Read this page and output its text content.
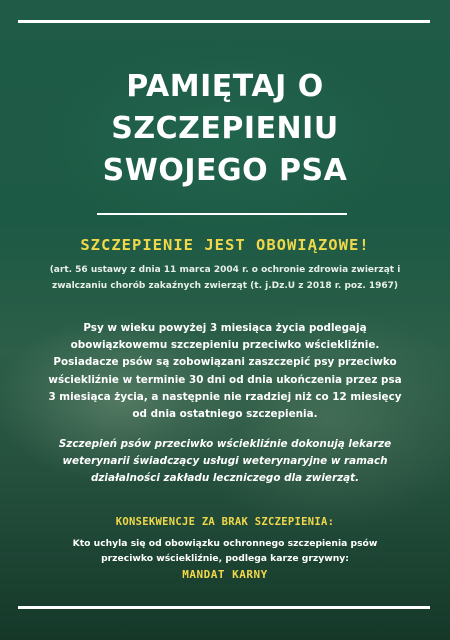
PAMIĘTAJ O
SZCZEPIENIU
SWOJEGO PSA
SZCZEPIENIE JEST OBOWIĄZOWE!
(art. 56 ustawy z dnia 11 marca 2004 r. o ochronie zdrowia zwierząt i
zwalczaniu chorób zakaźnych zwierząt (t. j.Dz.U z 2018 r. poz. 1967)
Psy w wieku powyżej 3 miesiąca życia podlegają
obowiązkowemu szczepieniu przeciwko wściekliźnie.
Posiadacze psów są zobowiązani zaszczepić psy przeciwko
wściekliźnie w terminie 30 dni od dnia ukończenia przez psa
3 miesiąca życia, a następnie nie rzadziej niż co 12 miesięcy
od dnia ostatniego szczepienia.
Szczepień psów przeciwko wściekliźnie dokonują lekarze
weterynarii świadczący usługi weterynaryjne w ramach
działalności zakładu leczniczego dla zwierząt.
KONSEKWENCJE ZA BRAK SZCZEPIENIA:
Kto uchyla się od obowiązku ochronnego szczepienia psów
przeciwko wściekliźnie, podlega karze grzywny:
MANDAT KARNY
